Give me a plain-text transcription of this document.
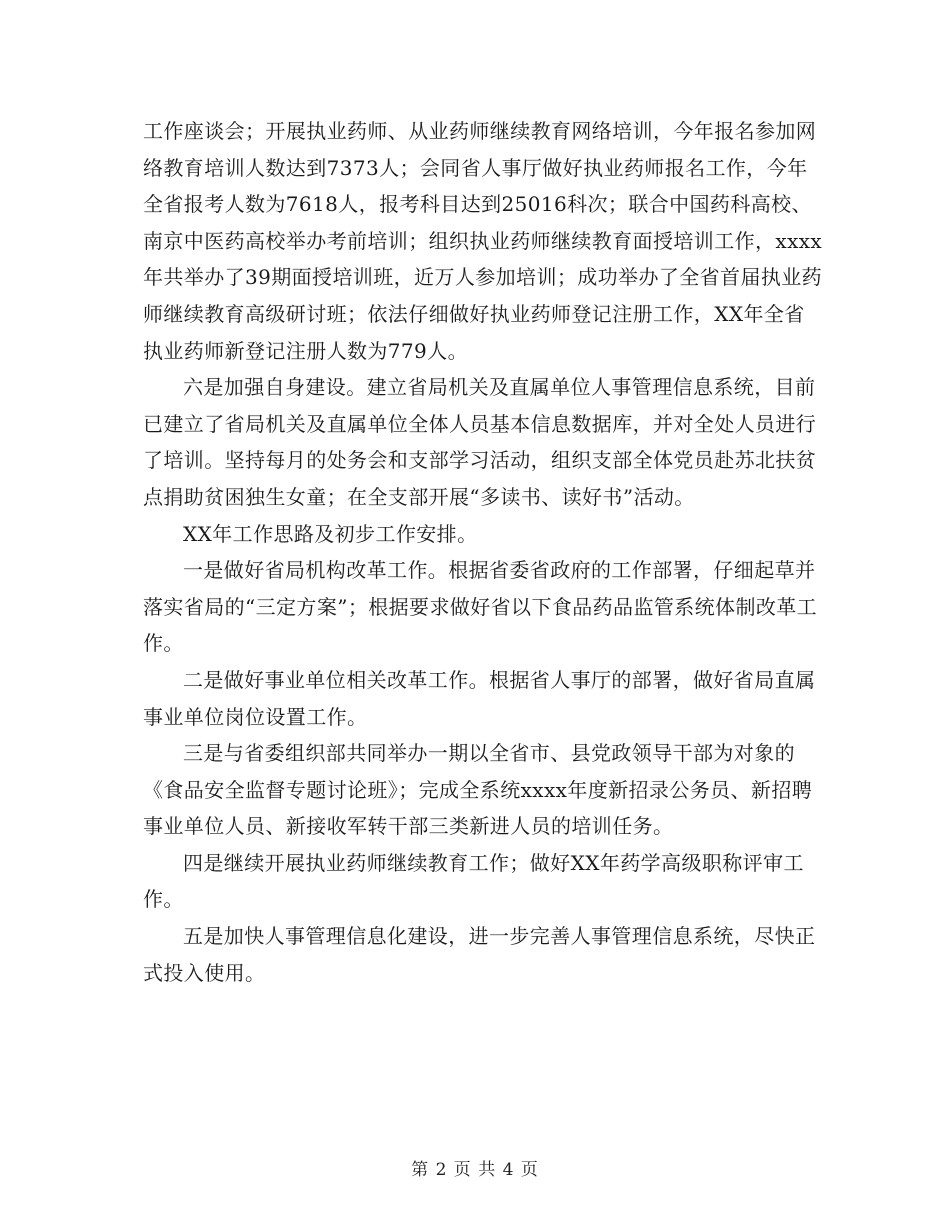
工作座谈会；开展执业药师、从业药师继续教育网络培训，今年报名参加网络教育培训人数达到7373人；会同省人事厅做好执业药师报名工作，今年全省报考人数为7618人，报考科目达到25016科次；联合中国药科高校、南京中医药高校举办考前培训；组织执业药师继续教育面授培训工作，xxxx年共举办了39期面授培训班，近万人参加培训；成功举办了全省首届执业药师继续教育高级研讨班；依法仔细做好执业药师登记注册工作，XX年全省执业药师新登记注册人数为779人。

六是加强自身建设。建立省局机关及直属单位人事管理信息系统，目前已建立了省局机关及直属单位全体人员基本信息数据库，并对全处人员进行了培训。坚持每月的处务会和支部学习活动，组织支部全体党员赴苏北扶贫点捐助贫困独生女童；在全支部开展“多读书、读好书”活动。

XX年工作思路及初步工作安排。

一是做好省局机构改革工作。根据省委省政府的工作部署，仔细起草并落实省局的“三定方案”；根据要求做好省以下食品药品监管系统体制改革工作。

二是做好事业单位相关改革工作。根据省人事厅的部署，做好省局直属事业单位岗位设置工作。

三是与省委组织部共同举办一期以全省市、县党政领导干部为对象的《食品安全监督专题讨论班》；完成全系统xxxx年度新招录公务员、新招聘事业单位人员、新接收军转干部三类新进人员的培训任务。

四是继续开展执业药师继续教育工作；做好XX年药学高级职称评审工作。

五是加快人事管理信息化建设，进一步完善人事管理信息系统，尽快正式投入使用。

第 2 页 共 4 页
